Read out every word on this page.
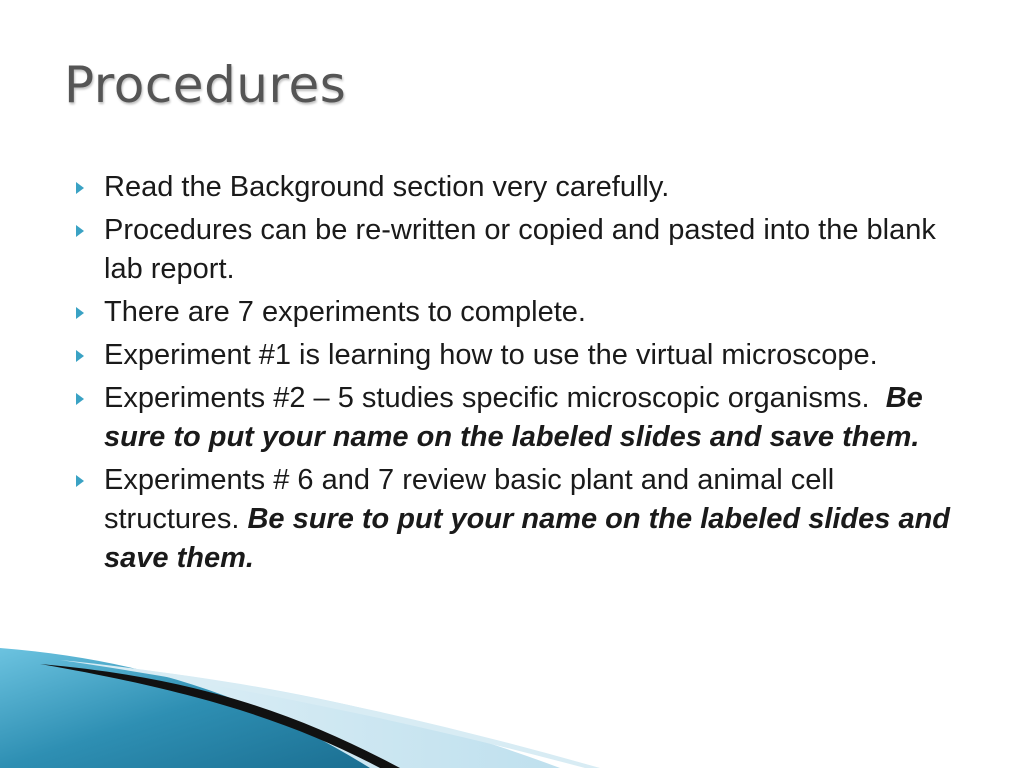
Procedures
Read the Background section very carefully.
Procedures can be re-written or copied and pasted into the blank lab report.
There are 7 experiments to complete.
Experiment #1 is learning how to use the virtual microscope.
Experiments #2 – 5 studies specific microscopic organisms.  Be sure to put your name on the labeled slides and save them.
Experiments # 6 and 7 review basic plant and animal cell structures. Be sure to put your name on the labeled slides and save them.
